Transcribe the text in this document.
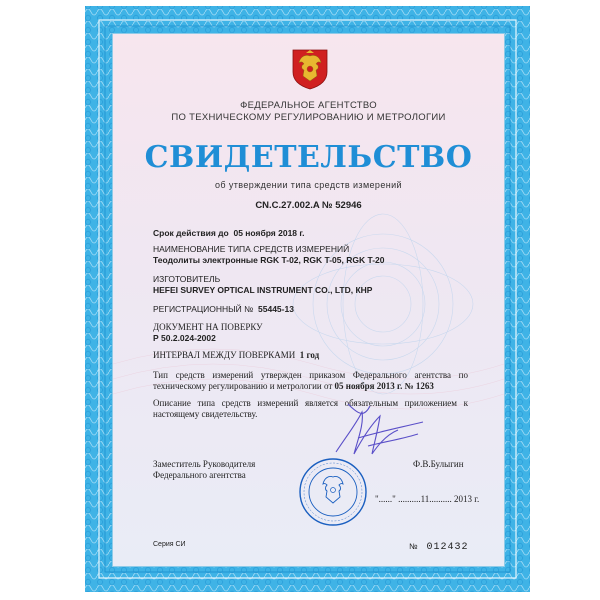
ФЕДЕРАЛЬНОЕ АГЕНТСТВО
ПО ТЕХНИЧЕСКОМУ РЕГУЛИРОВАНИЮ И МЕТРОЛОГИИ
СВИДЕТЕЛЬСТВО
об утверждении типа средств измерений
CN.C.27.002.A № 52946
Срок действия до 05 ноября 2018 г.
НАИМЕНОВАНИЕ ТИПА СРЕДСТВ ИЗМЕРЕНИЙ
Теодолиты электронные RGK T-02, RGK T-05, RGK T-20
ИЗГОТОВИТЕЛЬ
HEFEI SURVEY OPTICAL INSTRUMENT CO., LTD, КНР
РЕГИСТРАЦИОННЫЙ № 55445-13
ДОКУМЕНТ НА ПОВЕРКУ
Р 50.2.024-2002
ИНТЕРВАЛ МЕЖДУ ПОВЕРКАМИ 1 год
Тип средств измерений утвержден приказом Федерального агентства по техническому регулированию и метрологии от 05 ноября 2013 г. № 1263
Описание типа средств измерений является обязательным приложением к настоящему свидетельству.
Заместитель Руководителя
Федерального агентства
Ф.В.Булыгин
"......" ..........11.......... 2013 г.
Серия СИ	№ 012432
